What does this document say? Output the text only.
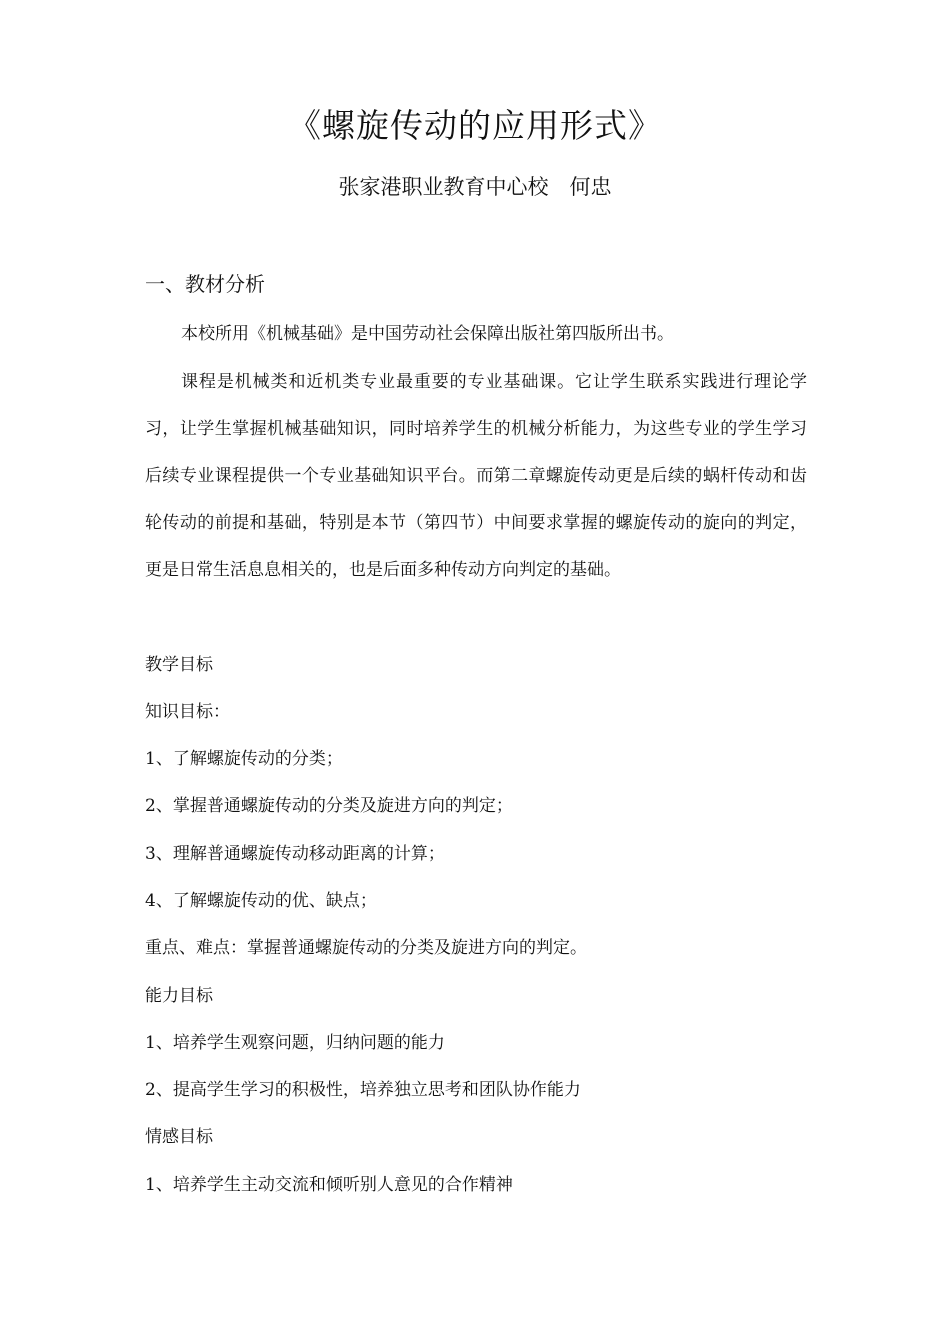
《螺旋传动的应用形式》
张家港职业教育中心校　何忠
一、教材分析
本校所用《机械基础》是中国劳动社会保障出版社第四版所出书。
课程是机械类和近机类专业最重要的专业基础课。它让学生联系实践进行理论学习，让学生掌握机械基础知识，同时培养学生的机械分析能力，为这些专业的学生学习后续专业课程提供一个专业基础知识平台。而第二章螺旋传动更是后续的蜗杆传动和齿轮传动的前提和基础，特别是本节（第四节）中间要求掌握的螺旋传动的旋向的判定，更是日常生活息息相关的，也是后面多种传动方向判定的基础。
教学目标
知识目标：
1、了解螺旋传动的分类；
2、掌握普通螺旋传动的分类及旋进方向的判定；
3、理解普通螺旋传动移动距离的计算；
4、了解螺旋传动的优、缺点；
重点、难点：掌握普通螺旋传动的分类及旋进方向的判定。
能力目标
1、培养学生观察问题，归纳问题的能力
2、提高学生学习的积极性，培养独立思考和团队协作能力
情感目标
1、培养学生主动交流和倾听别人意见的合作精神
